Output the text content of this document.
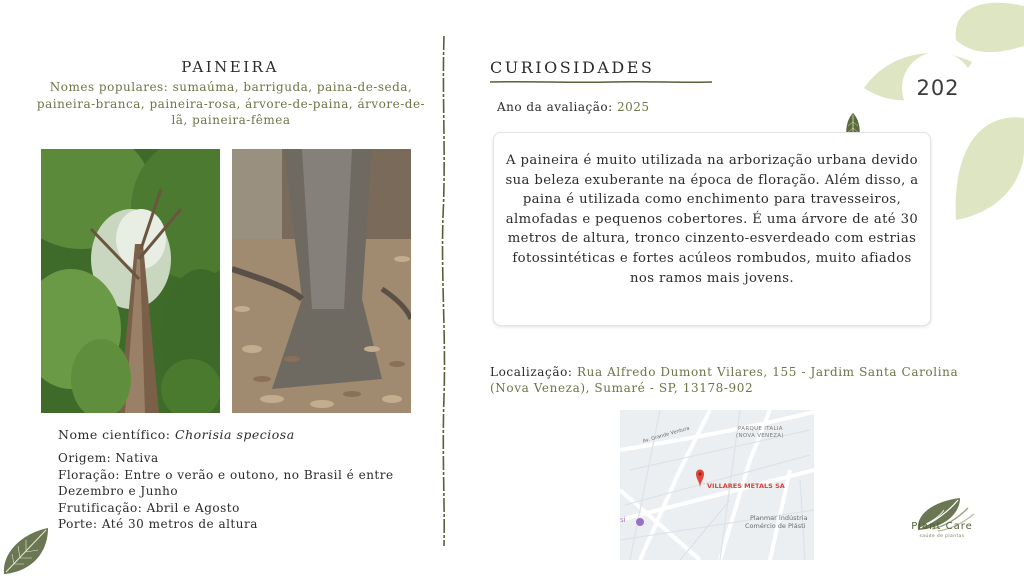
202
PAINEIRA
Nomes populares: sumaúma, barriguda, paina-de-seda, paineira-branca, paineira-rosa, árvore-de-paina, árvore-de-lã, paineira-fêmea
Nome científico: Chorisia speciosa
Origem: Nativa
Floração: Entre o verão e outono, no Brasil é entre Dezembro e Junho
Frutificação: Abril e Agosto
Porte: Até 30 metros de altura
CURIOSIDADES
Ano da avaliação: 2025

A paineira é muito utilizada na arborização urbana devido sua beleza exuberante na época de floração. Além disso, a paina é utilizada como enchimento para travesseiros, almofadas e pequenos cobertores. É uma árvore de até 30 metros de altura, tronco cinzento-esverdeado com estrias fotossintéticas e fortes acúleos rombudos, muito afiados nos ramos mais jovens.

Localização: Rua Alfredo Dumont Vilares, 155 - Jardim Santa Carolina (Nova Veneza), Sumaré - SP, 13178-902
Av. Grande Ventura	PARQUE ITALIA
(NOVA VENEZA)
VILLARES METALS SA
Planmar Indústria
Comércio de Plásti
si
Plant Care
saúde de plantas
